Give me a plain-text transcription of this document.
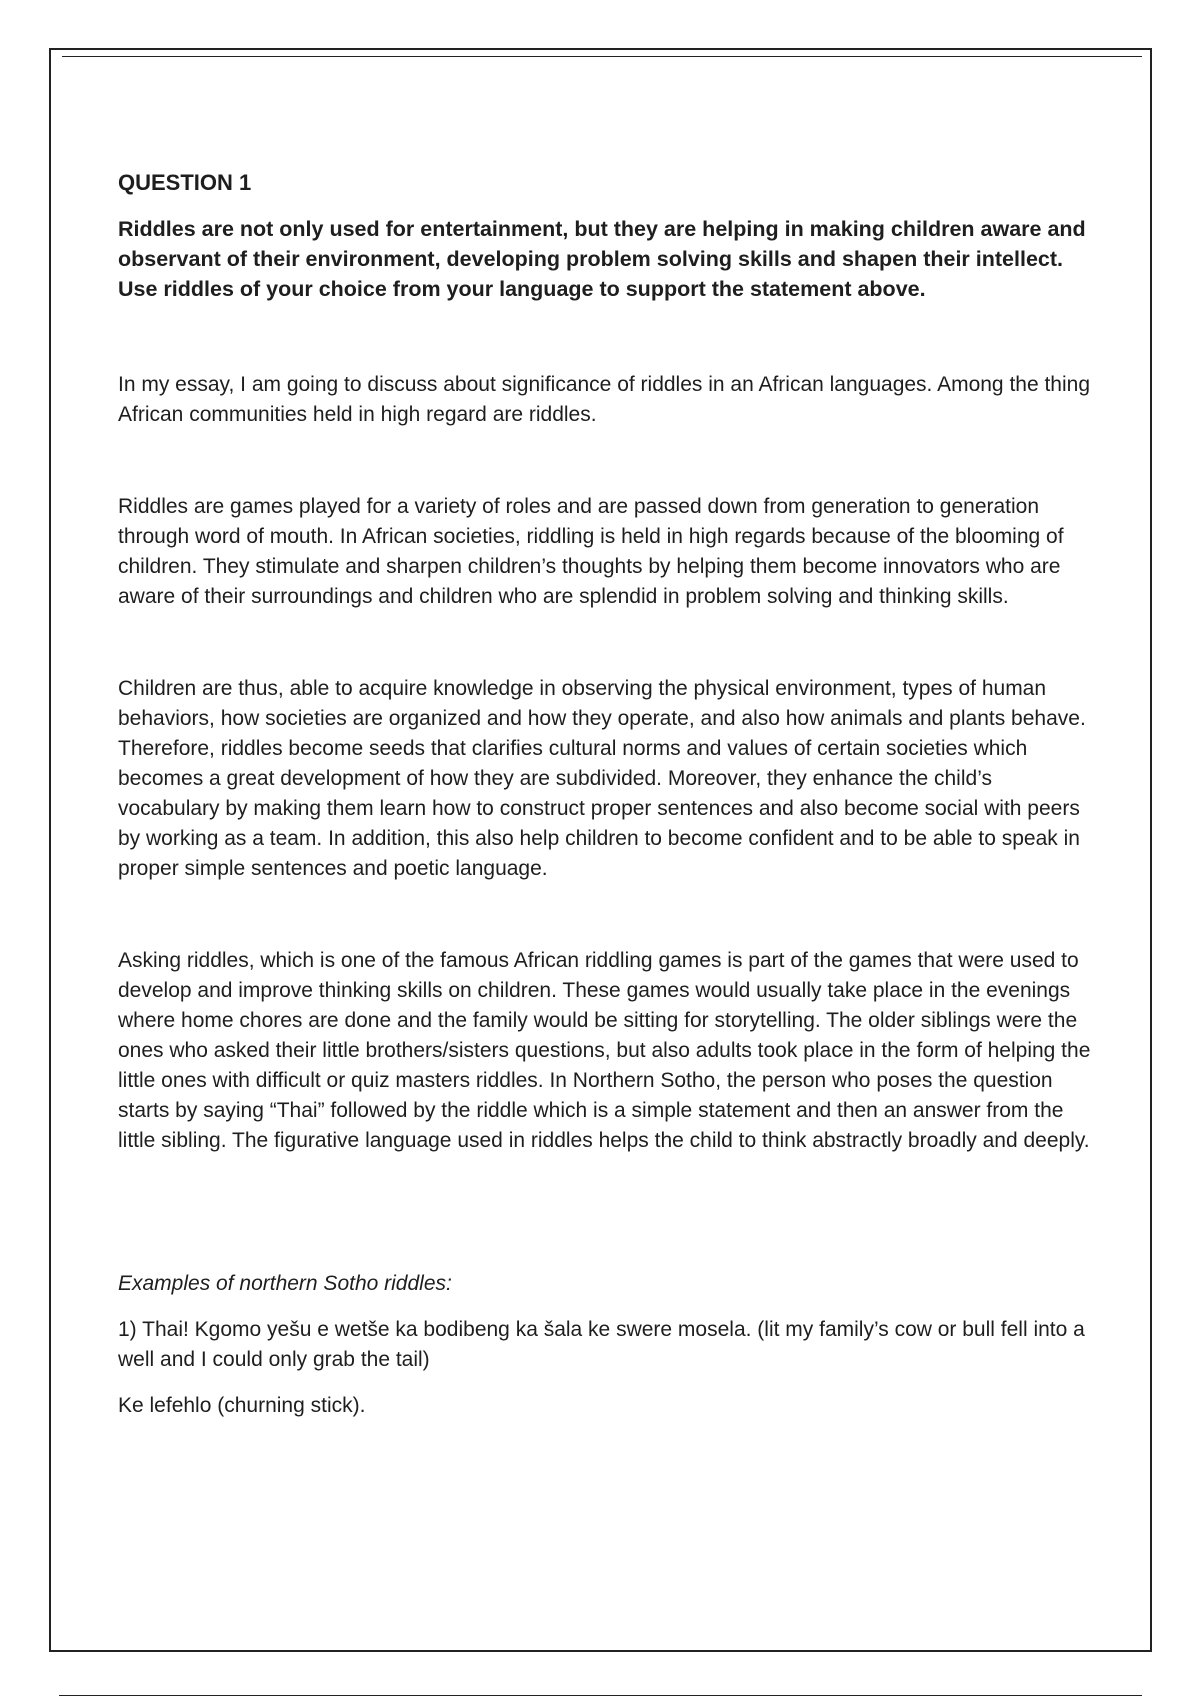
QUESTION 1

Riddles are not only used for entertainment, but they are helping in making children aware and observant of their environment, developing problem solving skills and shapen their intellect. Use riddles of your choice from your language to support the statement above.

In my essay, I am going to discuss about significance of riddles in an African languages. Among the thing African communities held in high regard are riddles.

Riddles are games played for a variety of roles and are passed down from generation to generation through word of mouth. In African societies, riddling is held in high regards because of the blooming of children. They stimulate and sharpen children’s thoughts by helping them become innovators who are aware of their surroundings and children who are splendid in problem solving and thinking skills.

Children are thus, able to acquire knowledge in observing the physical environment, types of human behaviors, how societies are organized and how they operate, and also how animals and plants behave. Therefore, riddles become seeds that clarifies cultural norms and values of certain societies which becomes a great development of how they are subdivided. Moreover, they enhance the child’s vocabulary by making them learn how to construct proper sentences and also become social with peers by working as a team. In addition, this also help children to become confident and to be able to speak in proper simple sentences and poetic language.

Asking riddles, which is one of the famous African riddling games is part of the games that were used to develop and improve thinking skills on children. These games would usually take place in the evenings where home chores are done and the family would be sitting for storytelling. The older siblings were the ones who asked their little brothers/sisters questions, but also adults took place in the form of helping the little ones with difficult or quiz masters riddles. In Northern Sotho, the person who poses the question starts by saying “Thai” followed by the riddle which is a simple statement and then an answer from the little sibling. The figurative language used in riddles helps the child to think abstractly broadly and deeply.

Examples of northern Sotho riddles:

1) Thai! Kgomo yešu e wetše ka bodibeng ka šala ke swere mosela. (lit my family’s cow or bull fell into a well and I could only grab the tail)

Ke lefehlo (churning stick).
